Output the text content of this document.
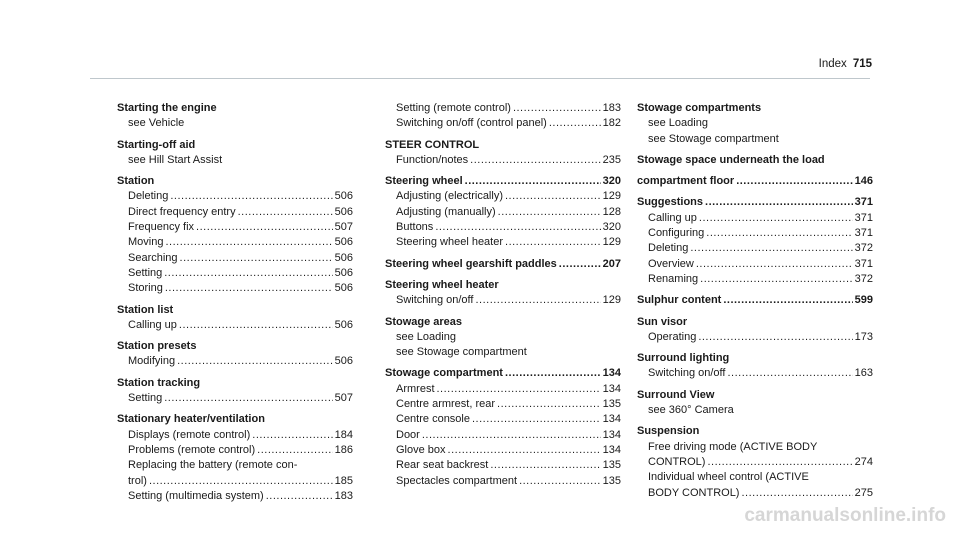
Index 715
Starting the engine
see Vehicle
Starting-off aid
see Hill Start Assist
Station
Deleting .....	506
Direct frequency entry .....	506
Frequency fix .....	507
Moving .....	506
Searching .....	506
Setting .....	506
Storing .....	506
Station list
Calling up .....	506
Station presets
Modifying .....	506
Station tracking
Setting .....	507
Stationary heater/ventilation
Displays (remote control) .....	184
Problems (remote control) .....	186
Replacing the battery (remote con-
trol) .....	185
Setting (multimedia system) .....	183
Setting (remote control) .....	183
Switching on/off (control panel) .....	182
STEER CONTROL
Function/notes .....	235
Steering wheel .....	320
Adjusting (electrically) .....	129
Adjusting (manually) .....	128
Buttons .....	320
Steering wheel heater .....	129
Steering wheel gearshift paddles .....	207
Steering wheel heater
Switching on/off .....	129
Stowage areas
see Loading
see Stowage compartment
Stowage compartment .....	134
Armrest .....	134
Centre armrest, rear .....	135
Centre console .....	134
Door .....	134
Glove box .....	134
Rear seat backrest .....	135
Spectacles compartment .....	135
Stowage compartments
see Loading
see Stowage compartment
Stowage space underneath the load
compartment floor .....	146
Suggestions .....	371
Calling up .....	371
Configuring .....	371
Deleting .....	372
Overview .....	371
Renaming .....	372
Sulphur content .....	599
Sun visor
Operating .....	173
Surround lighting
Switching on/off .....	163
Surround View
see 360° Camera
Suspension
Free driving mode (ACTIVE BODY
CONTROL) .....	274
Individual wheel control (ACTIVE
BODY CONTROL) .....	275
carmanualsonline.info
